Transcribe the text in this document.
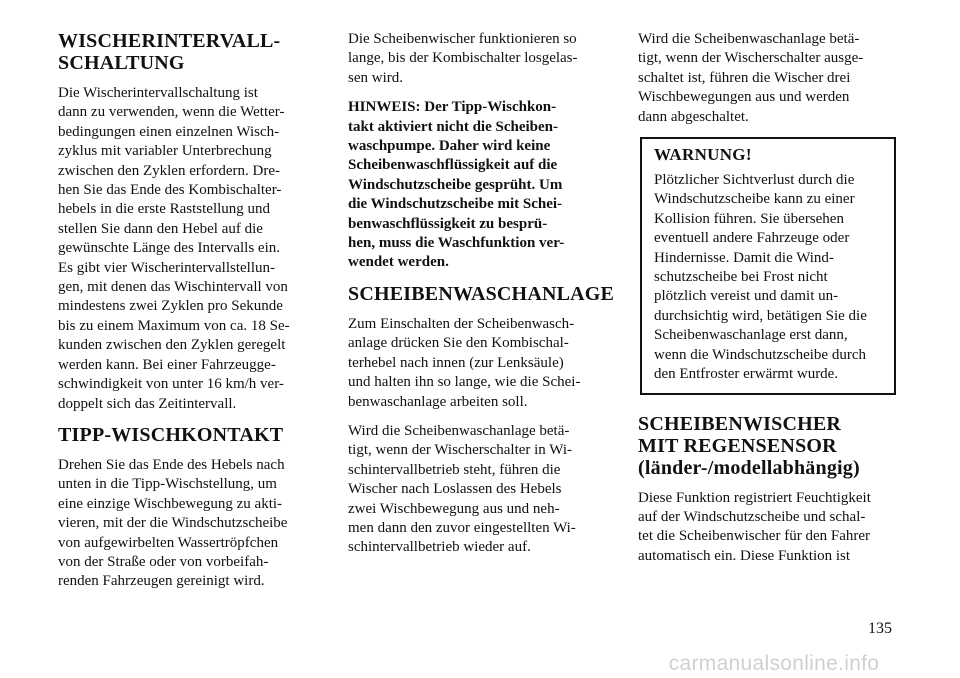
WISCHERINTERVALL-
SCHALTUNG

Die Wischerintervallschaltung ist
dann zu verwenden, wenn die Wetter-
bedingungen einen einzelnen Wisch-
zyklus mit variabler Unterbrechung
zwischen den Zyklen erfordern. Dre-
hen Sie das Ende des Kombischalter-
hebels in die erste Raststellung und
stellen Sie dann den Hebel auf die
gewünschte Länge des Intervalls ein.
Es gibt vier Wischerintervallstellun-
gen, mit denen das Wischintervall von
mindestens zwei Zyklen pro Sekunde
bis zu einem Maximum von ca. 18 Se-
kunden zwischen den Zyklen geregelt
werden kann. Bei einer Fahrzeugge-
schwindigkeit von unter 16 km/h ver-
doppelt sich das Zeitintervall.

TIPP-WISCHKONTAKT

Drehen Sie das Ende des Hebels nach
unten in die Tipp-Wischstellung, um
eine einzige Wischbewegung zu akti-
vieren, mit der die Windschutzscheibe
von aufgewirbelten Wassertröpfchen
von der Straße oder von vorbeifah-
renden Fahrzeugen gereinigt wird.

Die Scheibenwischer funktionieren so
lange, bis der Kombischalter losgelas-
sen wird.

HINWEIS: Der Tipp-Wischkon-
takt aktiviert nicht die Scheiben-
waschpumpe. Daher wird keine
Scheibenwaschflüssigkeit auf die
Windschutzscheibe gesprüht. Um
die Windschutzscheibe mit Schei-
benwaschflüssigkeit zu besprü-
hen, muss die Waschfunktion ver-
wendet werden.

SCHEIBENWASCHANLAGE

Zum Einschalten der Scheibenwasch-
anlage drücken Sie den Kombischal-
terhebel nach innen (zur Lenksäule)
und halten ihn so lange, wie die Schei-
benwaschanlage arbeiten soll.

Wird die Scheibenwaschanlage betä-
tigt, wenn der Wischerschalter in Wi-
schintervallbetrieb steht, führen die
Wischer nach Loslassen des Hebels
zwei Wischbewegung aus und neh-
men dann den zuvor eingestellten Wi-
schintervallbetrieb wieder auf.

Wird die Scheibenwaschanlage betä-
tigt, wenn der Wischerschalter ausge-
schaltet ist, führen die Wischer drei
Wischbewegungen aus und werden
dann abgeschaltet.

WARNUNG!

Plötzlicher Sichtverlust durch die
Windschutzscheibe kann zu einer
Kollision führen. Sie übersehen
eventuell andere Fahrzeuge oder
Hindernisse. Damit die Wind-
schutzscheibe bei Frost nicht
plötzlich vereist und damit un-
durchsichtig wird, betätigen Sie die
Scheibenwaschanlage erst dann,
wenn die Windschutzscheibe durch
den Entfroster erwärmt wurde.

SCHEIBENWISCHER
MIT REGENSENSOR
(länder-/modellabhängig)

Diese Funktion registriert Feuchtigkeit
auf der Windschutzscheibe und schal-
tet die Scheibenwischer für den Fahrer
automatisch ein. Diese Funktion ist

135
carmanualsonline.info
